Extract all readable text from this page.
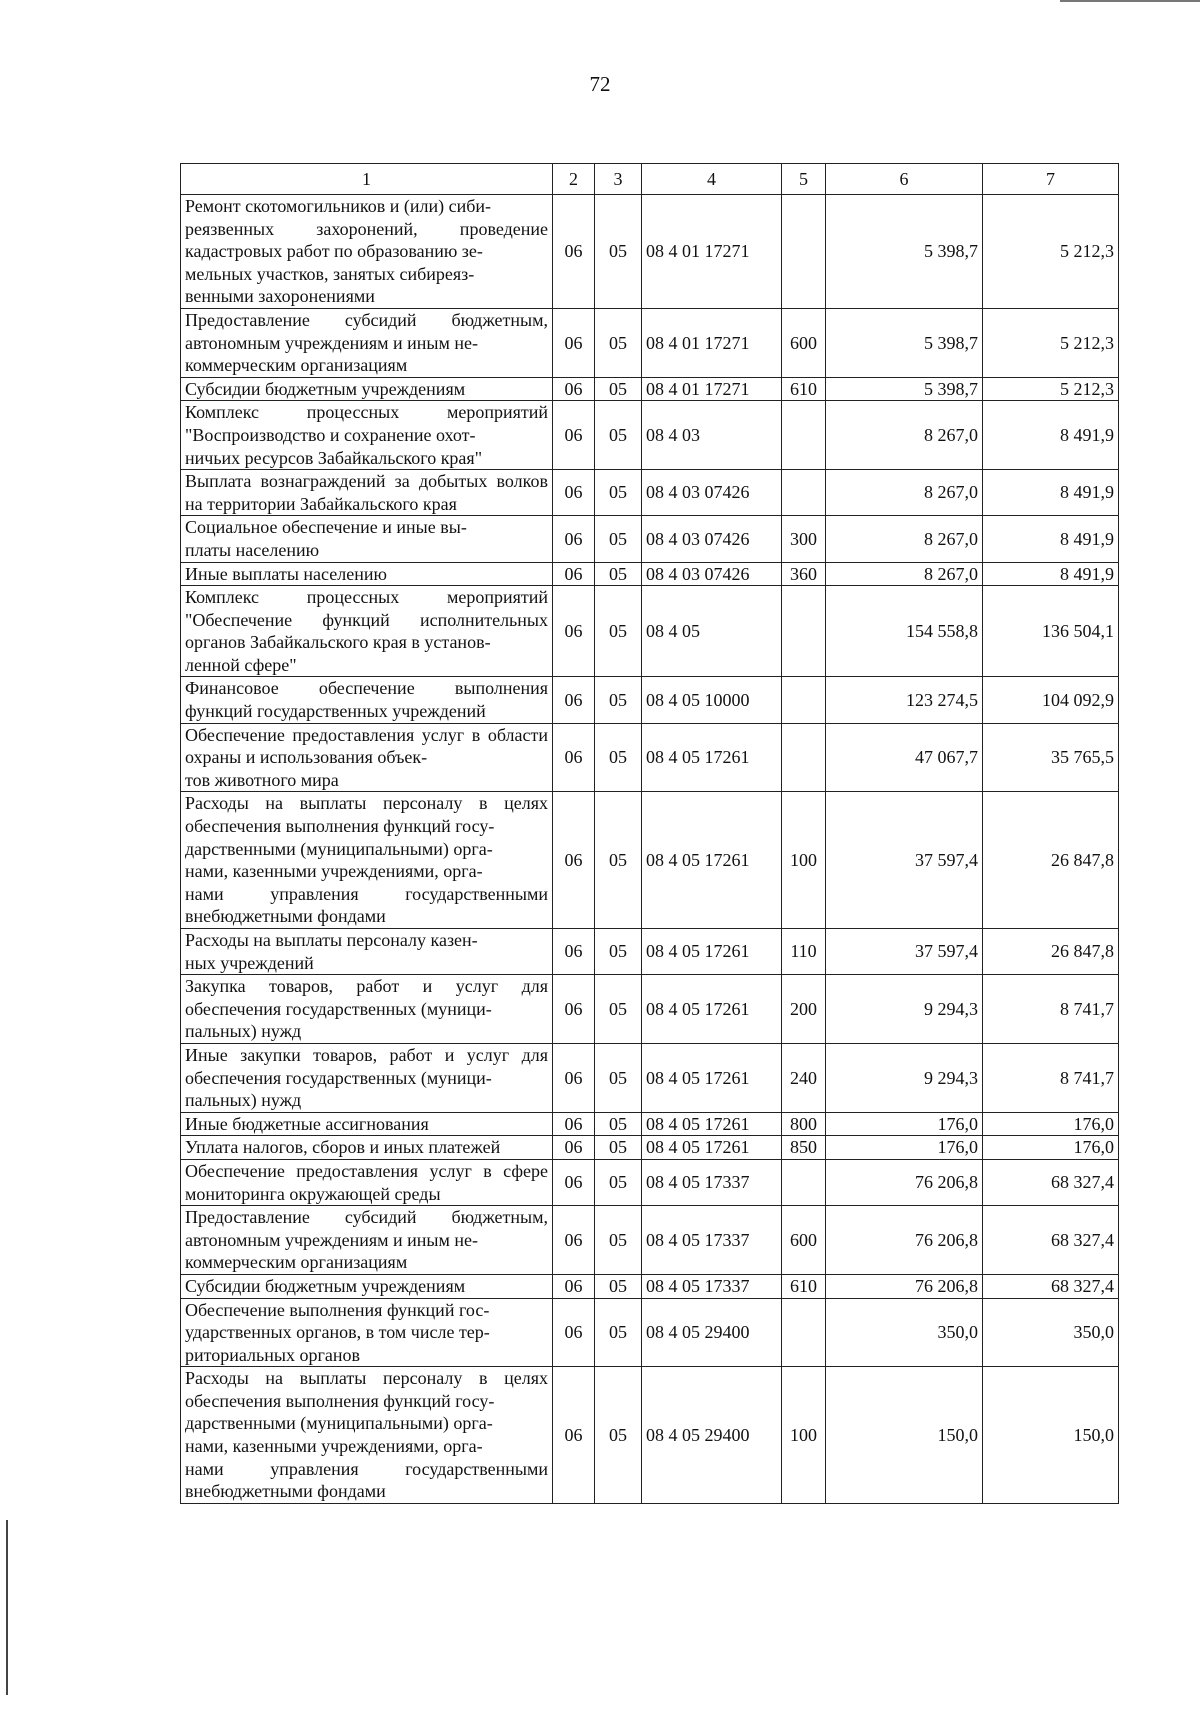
72
1	2	3	4	5	6	7
Ремонт скотомогильников и (или) сиби-
реязвенных захоронений, проведение кадастровых работ по образованию зе-
мельных участков, занятых сибиреяз-
венными захоронениями	06	05	08 4 01 17271		5 398,7	5 212,3
Предоставление субсидий бюджетным, автономным учреждениям и иным не-
коммерческим организациям	06	05	08 4 01 17271	600	5 398,7	5 212,3
Субсидии бюджетным учреждениям	06	05	08 4 01 17271	610	5 398,7	5 212,3
Комплекс процессных мероприятий "Воспроизводство и сохранение охот-
ничьих ресурсов Забайкальского края"	06	05	08 4 03		8 267,0	8 491,9
Выплата вознаграждений за добытых волков на территории Забайкальского края	06	05	08 4 03 07426		8 267,0	8 491,9
Социальное обеспечение и иные вы-
платы населению	06	05	08 4 03 07426	300	8 267,0	8 491,9
Иные выплаты населению	06	05	08 4 03 07426	360	8 267,0	8 491,9
Комплекс процессных мероприятий "Обеспечение функций исполнительных органов Забайкальского края в установ-
ленной сфере"	06	05	08 4 05		154 558,8	136 504,1
Финансовое обеспечение выполнения функций государственных учреждений	06	05	08 4 05 10000		123 274,5	104 092,9
Обеспечение предоставления услуг в области охраны и использования объек-
тов животного мира	06	05	08 4 05 17261		47 067,7	35 765,5
Расходы на выплаты персоналу в целях обеспечения выполнения функций госу-
дарственными (муниципальными) орга-
нами, казенными учреждениями, орга-
нами управления государственными внебюджетными фондами	06	05	08 4 05 17261	100	37 597,4	26 847,8
Расходы на выплаты персоналу казен-
ных учреждений	06	05	08 4 05 17261	110	37 597,4	26 847,8
Закупка товаров, работ и услуг для обеспечения государственных (муници-
пальных) нужд	06	05	08 4 05 17261	200	9 294,3	8 741,7
Иные закупки товаров, работ и услуг для обеспечения государственных (муници-
пальных) нужд	06	05	08 4 05 17261	240	9 294,3	8 741,7
Иные бюджетные ассигнования	06	05	08 4 05 17261	800	176,0	176,0
Уплата налогов, сборов и иных платежей	06	05	08 4 05 17261	850	176,0	176,0
Обеспечение предоставления услуг в сфере мониторинга окружающей среды	06	05	08 4 05 17337		76 206,8	68 327,4
Предоставление субсидий бюджетным, автономным учреждениям и иным не-
коммерческим организациям	06	05	08 4 05 17337	600	76 206,8	68 327,4
Субсидии бюджетным учреждениям	06	05	08 4 05 17337	610	76 206,8	68 327,4
Обеспечение выполнения функций гос-
ударственных органов, в том числе тер-
риториальных органов	06	05	08 4 05 29400		350,0	350,0
Расходы на выплаты персоналу в целях обеспечения выполнения функций госу-
дарственными (муниципальными) орга-
нами, казенными учреждениями, орга-
нами управления государственными внебюджетными фондами	06	05	08 4 05 29400	100	150,0	150,0
